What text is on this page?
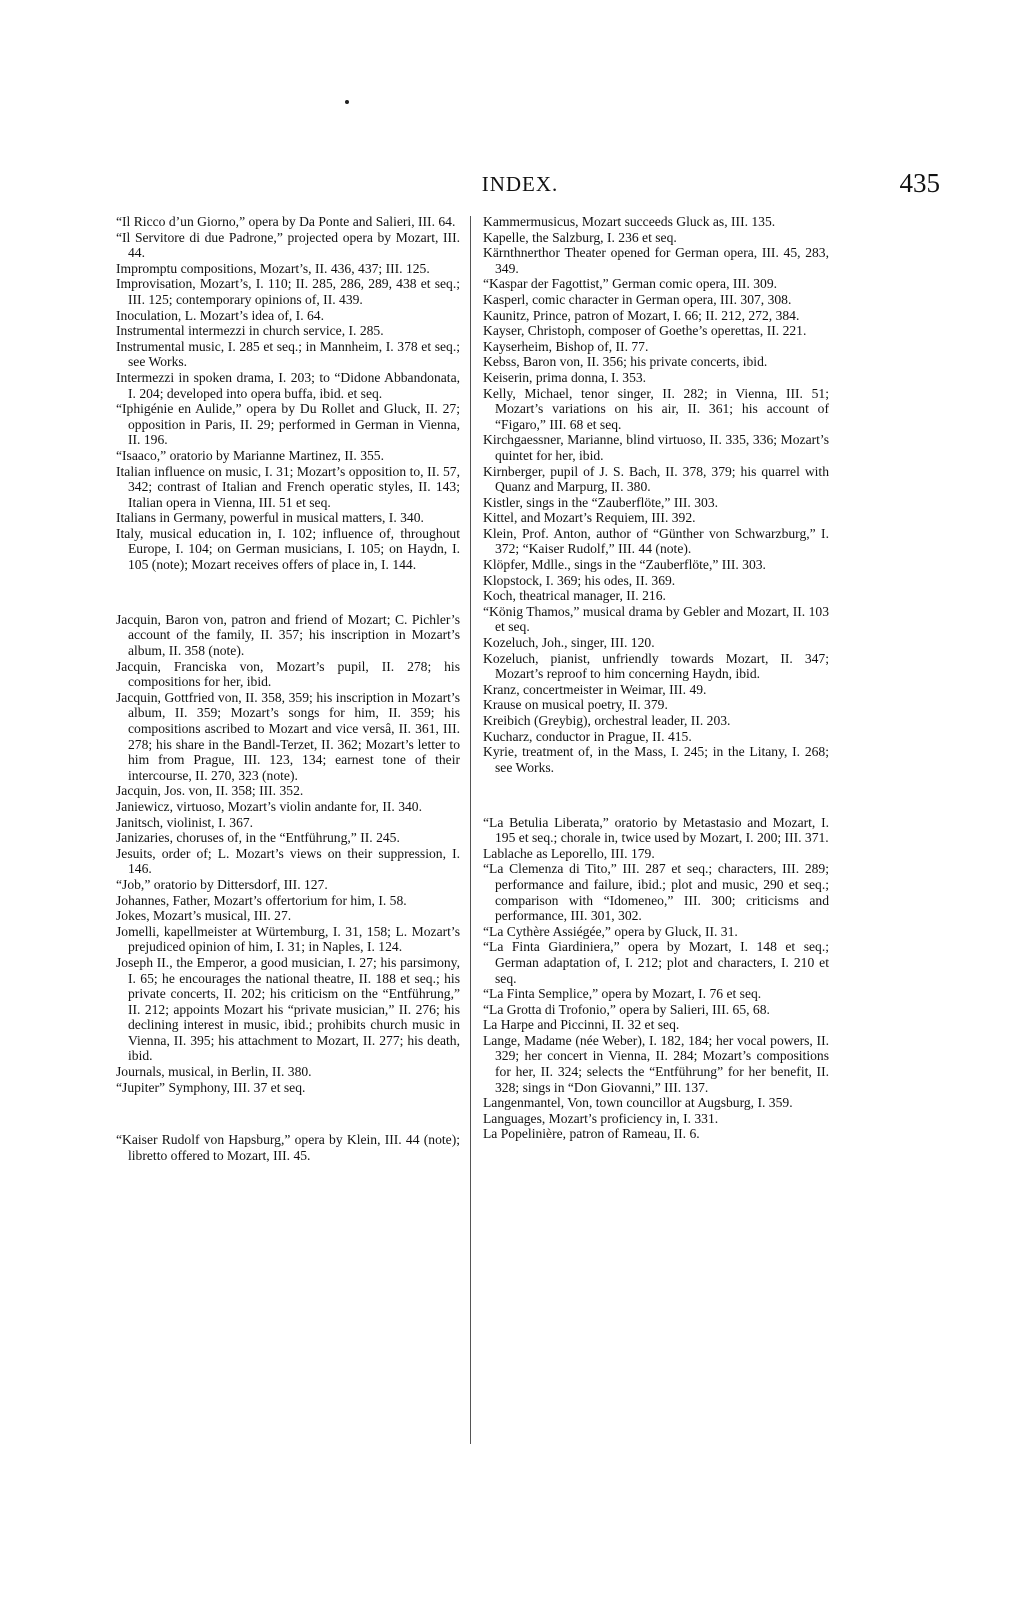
INDEX.	435

“Il Ricco d’un Giorno,” opera by Da Ponte and Salieri, III. 64.

“Il Servitore di due Padrone,” projected opera by Mozart, III. 44.

Impromptu compositions, Mozart’s, II. 436, 437; III. 125.

Improvisation, Mozart’s, I. 110; II. 285, 286, 289, 438 et seq.; III. 125; contemporary opinions of, II. 439.

Inoculation, L. Mozart’s idea of, I. 64.

Instrumental intermezzi in church service, I. 285.

Instrumental music, I. 285 et seq.; in Mannheim, I. 378 et seq.; see Works.

Intermezzi in spoken drama, I. 203; to “Didone Abbandonata, I. 204; developed into opera buffa, ibid. et seq.

“Iphigénie en Aulide,” opera by Du Rollet and Gluck, II. 27; opposition in Paris, II. 29; performed in German in Vienna, II. 196.

“Isaaco,” oratorio by Marianne Martinez, II. 355.

Italian influence on music, I. 31; Mozart’s opposition to, II. 57, 342; contrast of Italian and French operatic styles, II. 143; Italian opera in Vienna, III. 51 et seq.

Italians in Germany, powerful in musical matters, I. 340.

Italy, musical education in, I. 102; influence of, throughout Europe, I. 104; on German musicians, I. 105; on Haydn, I. 105 (note); Mozart receives offers of place in, I. 144.

Jacquin, Baron von, patron and friend of Mozart; C. Pichler’s account of the family, II. 357; his inscription in Mozart’s album, II. 358 (note).

Jacquin, Franciska von, Mozart’s pupil, II. 278; his compositions for her, ibid.

Jacquin, Gottfried von, II. 358, 359; his inscription in Mozart’s album, II. 359; Mozart’s songs for him, II. 359; his compositions ascribed to Mozart and vice versâ, II. 361, III. 278; his share in the Bandl-Terzet, II. 362; Mozart’s letter to him from Prague, III. 123, 134; earnest tone of their intercourse, II. 270, 323 (note).

Jacquin, Jos. von, II. 358; III. 352.

Janiewicz, virtuoso, Mozart’s violin andante for, II. 340.

Janitsch, violinist, I. 367.

Janizaries, choruses of, in the “Entführung,” II. 245.

Jesuits, order of; L. Mozart’s views on their suppression, I. 146.

“Job,” oratorio by Dittersdorf, III. 127.

Johannes, Father, Mozart’s offertorium for him, I. 58.

Jokes, Mozart’s musical, III. 27.

Jomelli, kapellmeister at Würtemburg, I. 31, 158; L. Mozart’s prejudiced opinion of him, I. 31; in Naples, I. 124.

Joseph II., the Emperor, a good musician, I. 27; his parsimony, I. 65; he encourages the national theatre, II. 188 et seq.; his private concerts, II. 202; his criticism on the “Entführung,” II. 212; appoints Mozart his “private musician,” II. 276; his declining interest in music, ibid.; prohibits church music in Vienna, II. 395; his attachment to Mozart, II. 277; his death, ibid.

Journals, musical, in Berlin, II. 380.

“Jupiter” Symphony, III. 37 et seq.

“Kaiser Rudolf von Hapsburg,” opera by Klein, III. 44 (note); libretto offered to Mozart, III. 45.

Kammermusicus, Mozart succeeds Gluck as, III. 135.

Kapelle, the Salzburg, I. 236 et seq.

Kärnthnerthor Theater opened for German opera, III. 45, 283, 349.

“Kaspar der Fagottist,” German comic opera, III. 309.

Kasperl, comic character in German opera, III. 307, 308.

Kaunitz, Prince, patron of Mozart, I. 66; II. 212, 272, 384.

Kayser, Christoph, composer of Goethe’s operettas, II. 221.

Kayserheim, Bishop of, II. 77.

Kebss, Baron von, II. 356; his private concerts, ibid.

Keiserin, prima donna, I. 353.

Kelly, Michael, tenor singer, II. 282; in Vienna, III. 51; Mozart’s variations on his air, II. 361; his account of “Figaro,” III. 68 et seq.

Kirchgaessner, Marianne, blind virtuoso, II. 335, 336; Mozart’s quintet for her, ibid.

Kirnberger, pupil of J. S. Bach, II. 378, 379; his quarrel with Quanz and Marpurg, II. 380.

Kistler, sings in the “Zauberflöte,” III. 303.

Kittel, and Mozart’s Requiem, III. 392.

Klein, Prof. Anton, author of “Günther von Schwarzburg,” I. 372; “Kaiser Rudolf,” III. 44 (note).

Klöpfer, Mdlle., sings in the “Zauberflöte,” III. 303.

Klopstock, I. 369; his odes, II. 369.

Koch, theatrical manager, II. 216.

“König Thamos,” musical drama by Gebler and Mozart, II. 103 et seq.

Kozeluch, Joh., singer, III. 120.

Kozeluch, pianist, unfriendly towards Mozart, II. 347; Mozart’s reproof to him concerning Haydn, ibid.

Kranz, concertmeister in Weimar, III. 49.

Krause on musical poetry, II. 379.

Kreibich (Greybig), orchestral leader, II. 203.

Kucharz, conductor in Prague, II. 415.

Kyrie, treatment of, in the Mass, I. 245; in the Litany, I. 268; see Works.

“La Betulia Liberata,” oratorio by Metastasio and Mozart, I. 195 et seq.; chorale in, twice used by Mozart, I. 200; III. 371.

Lablache as Leporello, III. 179.

“La Clemenza di Tito,” III. 287 et seq.; characters, III. 289; performance and failure, ibid.; plot and music, 290 et seq.; comparison with “Idomeneo,” III. 300; criticisms and performance, III. 301, 302.

“La Cythère Assiégée,” opera by Gluck, II. 31.

“La Finta Giardiniera,” opera by Mozart, I. 148 et seq.; German adaptation of, I. 212; plot and characters, I. 210 et seq.

“La Finta Semplice,” opera by Mozart, I. 76 et seq.

“La Grotta di Trofonio,” opera by Salieri, III. 65, 68.

La Harpe and Piccinni, II. 32 et seq.

Lange, Madame (née Weber), I. 182, 184; her vocal powers, II. 329; her concert in Vienna, II. 284; Mozart’s compositions for her, II. 324; selects the “Entführung” for her benefit, II. 328; sings in “Don Giovanni,” III. 137.

Langenmantel, Von, town councillor at Augsburg, I. 359.

Languages, Mozart’s proficiency in, I. 331.

La Popelinière, patron of Rameau, II. 6.
